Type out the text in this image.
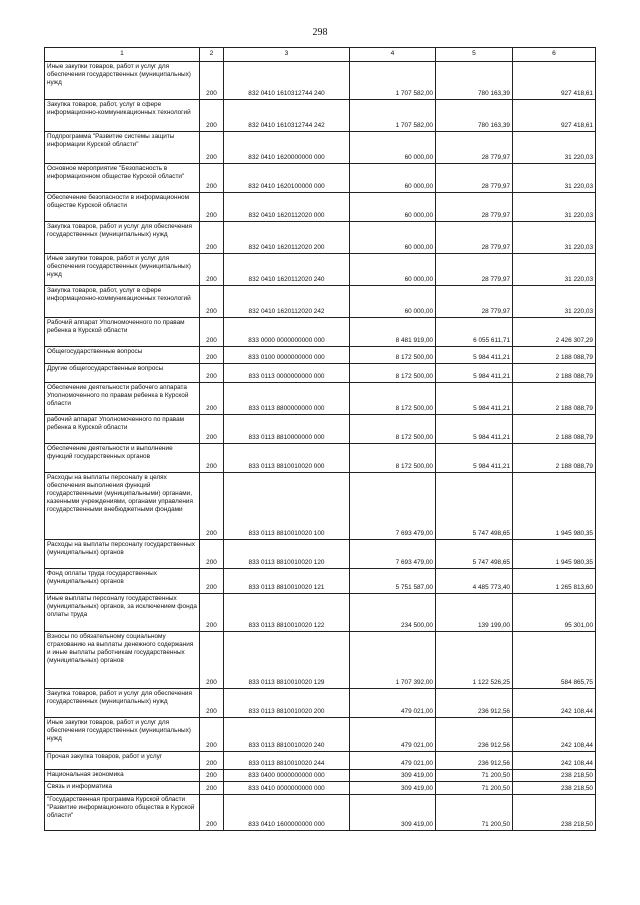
298
1	2	3	4	5	6
Иные закупки товаров, работ и услуг для обеспечения государственных (муниципальных) нужд	200	832 0410 1610312744 240	1 707 582,00	780 163,39	927 418,61
Закупка товаров, работ, услуг в сфере информационно-коммуникационных технологий	200	832 0410 1610312744 242	1 707 582,00	780 163,39	927 418,61
Подпрограмма "Развитие системы защиты информации Курской области"	200	832 0410 1620000000 000	60 000,00	28 779,97	31 220,03
Основное мероприятие "Безопасность в информационном обществе Курской области"	200	832 0410 1620100000 000	60 000,00	28 779,97	31 220,03
Обеспечение безопасности в информационном обществе Курской области	200	832 0410 1620112020 000	60 000,00	28 779,97	31 220,03
Закупка товаров, работ и услуг для обеспечения государственных (муниципальных) нужд	200	832 0410 1620112020 200	60 000,00	28 779,97	31 220,03
Иные закупки товаров, работ и услуг для обеспечения государственных (муниципальных) нужд	200	832 0410 1620112020 240	60 000,00	28 779,97	31 220,03
Закупка товаров, работ, услуг в сфере информационно-коммуникационных технологий	200	832 0410 1620112020 242	60 000,00	28 779,97	31 220,03
Рабочий аппарат Уполномоченного по правам ребенка в Курской области	200	833 0000 0000000000 000	8 481 919,00	6 055 611,71	2 426 307,29
Общегосударственные вопросы	200	833 0100 0000000000 000	8 172 500,00	5 984 411,21	2 188 088,79
Другие общегосударственные вопросы	200	833 0113 0000000000 000	8 172 500,00	5 984 411,21	2 188 088,79
Обеспечение деятельности рабочего аппарата Уполномоченного по правам ребенка в Курской области	200	833 0113 8800000000 000	8 172 500,00	5 984 411,21	2 188 088,79
рабочий аппарат Уполномоченного по правам ребенка в Курской области	200	833 0113 8810000000 000	8 172 500,00	5 984 411,21	2 188 088,79
Обеспечение деятельности и выполнение функций государственных органов	200	833 0113 8810010020 000	8 172 500,00	5 984 411,21	2 188 088,79
Расходы на выплаты персоналу в целях обеспечения выполнения функций государственными (муниципальными) органами, казенными учреждениями, органами управления государственными внебюджетными фондами	200	833 0113 8810010020 100	7 693 479,00	5 747 498,65	1 945 980,35
Расходы на выплаты персоналу государственных (муниципальных) органов	200	833 0113 8810010020 120	7 693 479,00	5 747 498,65	1 945 980,35
Фонд оплаты труда государственных (муниципальных) органов	200	833 0113 8810010020 121	5 751 587,00	4 485 773,40	1 265 813,60
Иные выплаты персоналу государственных (муниципальных) органов, за исключением фонда оплаты труда	200	833 0113 8810010020 122	234 500,00	139 199,00	95 301,00
Взносы по обязательному социальному страхованию на выплаты денежного содержания и иные выплаты работникам государственных (муниципальных) органов	200	833 0113 8810010020 129	1 707 392,00	1 122 526,25	584 865,75
Закупка товаров, работ и услуг для обеспечения государственных (муниципальных) нужд	200	833 0113 8810010020 200	479 021,00	236 912,56	242 108,44
Иные закупки товаров, работ и услуг для обеспечения государственных (муниципальных) нужд	200	833 0113 8810010020 240	479 021,00	236 912,56	242 108,44
Прочая закупка товаров, работ и услуг	200	833 0113 8810010020 244	479 021,00	236 912,56	242 108,44
Национальная экономика	200	833 0400 0000000000 000	309 419,00	71 200,50	238 218,50
Связь и информатика	200	833 0410 0000000000 000	309 419,00	71 200,50	238 218,50
"Государственная программа Курской области "Развитие информационного общества в Курской области"	200	833 0410 1600000000 000	309 419,00	71 200,50	238 218,50
